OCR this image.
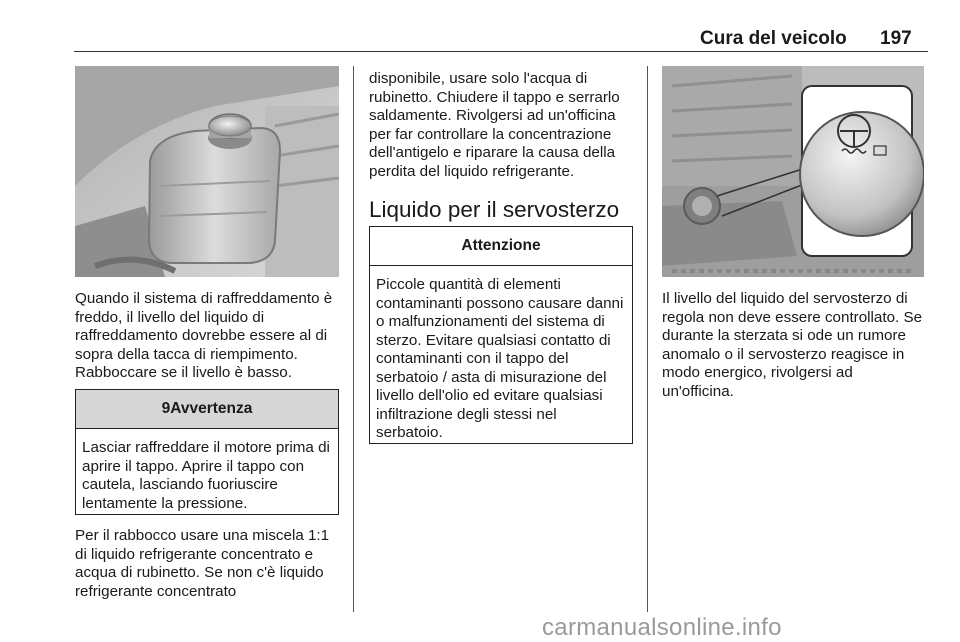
Cura del veicolo 197

Quando il sistema di raffreddamento è freddo, il livello del liquido di raffreddamento dovrebbe essere al di sopra della tacca di riempimento. Rabboccare se il livello è basso.

9 Avvertenza
Lasciar raffreddare il motore prima di aprire il tappo. Aprire il tappo con cautela, lasciando fuoriuscire lentamente la pressione.

Per il rabbocco usare una miscela 1:1 di liquido refrigerante concentrato e acqua di rubinetto. Se non c'è liquido refrigerante concentrato

disponibile, usare solo l'acqua di rubinetto. Chiudere il tappo e serrarlo saldamente. Rivolgersi ad un'officina per far controllare la concentrazione dell'antigelo e riparare la causa della perdita del liquido refrigerante.

Liquido per il servosterzo
Attenzione
Piccole quantità di elementi contaminanti possono causare danni o malfunzionamenti del sistema di sterzo. Evitare qualsiasi contatto di contaminanti con il tappo del serbatoio / asta di misurazione del livello dell'olio ed evitare qualsiasi infiltrazione degli stessi nel serbatoio.

Il livello del liquido del servosterzo di regola non deve essere controllato. Se durante la sterzata si ode un rumore anomalo o il servosterzo reagisce in modo energico, rivolgersi ad un'officina.

carmanualsonline.info
